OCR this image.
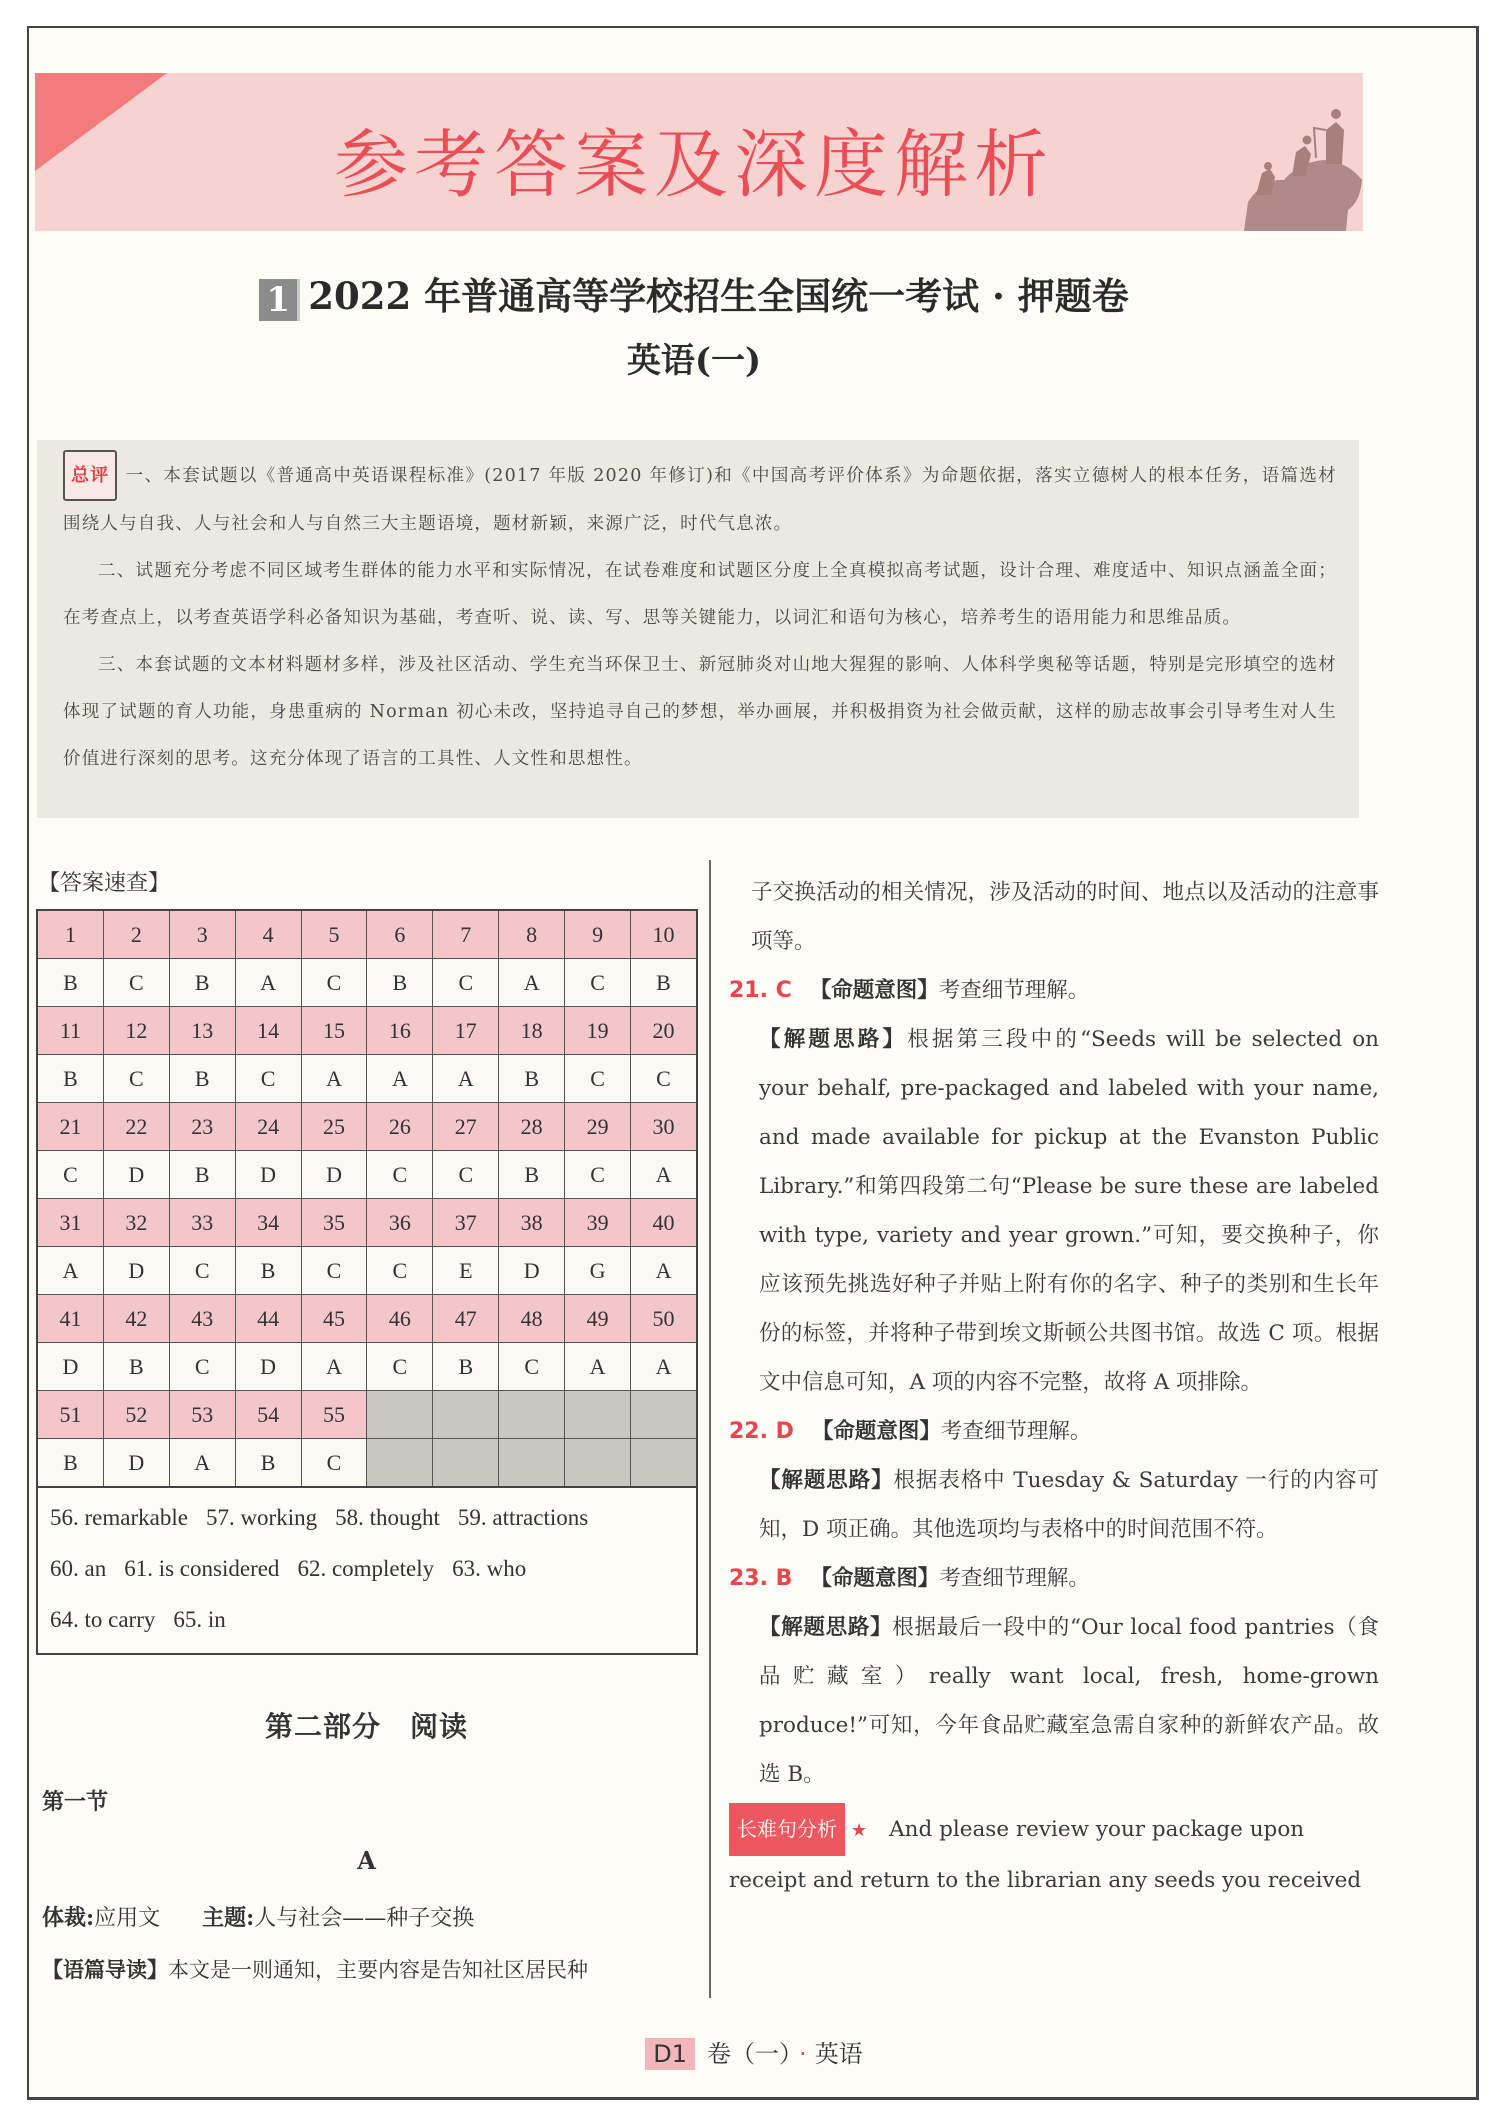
参考答案及深度解析
1 2022 年普通高等学校招生全国统一考试 · 押题卷
英语(一)

总评 一、本套试题以《普通高中英语课程标准》(2017 年版 2020 年修订)和《中国高考评价体系》为命题依据，落实立德树人的根本任务，语篇选材围绕人与自我、人与社会和人与自然三大主题语境，题材新颖，来源广泛，时代气息浓。

二、试题充分考虑不同区域考生群体的能力水平和实际情况，在试卷难度和试题区分度上全真模拟高考试题，设计合理、难度适中、知识点涵盖全面；在考查点上，以考查英语学科必备知识为基础，考查听、说、读、写、思等关键能力，以词汇和语句为核心，培养考生的语用能力和思维品质。

三、本套试题的文本材料题材多样，涉及社区活动、学生充当环保卫士、新冠肺炎对山地大猩猩的影响、人体科学奥秘等话题，特别是完形填空的选材体现了试题的育人功能，身患重病的 Norman 初心未改，坚持追寻自己的梦想，举办画展，并积极捐资为社会做贡献，这样的励志故事会引导考生对人生价值进行深刻的思考。这充分体现了语言的工具性、人文性和思想性。

【答案速查】
1	2	3	4	5	6	7	8	9	10
B	C	B	A	C	B	C	A	C	B
11	12	13	14	15	16	17	18	19	20
B	C	B	C	A	A	A	B	C	C
21	22	23	24	25	26	27	28	29	30
C	D	B	D	D	C	C	B	C	A
31	32	33	34	35	36	37	38	39	40
A	D	C	B	C	C	E	D	G	A
41	42	43	44	45	46	47	48	49	50
D	B	C	D	A	C	B	C	A	A
51	52	53	54	55					
B	D	A	B	C					
56. remarkable 57. working 58. thought 59. attractions
60. an 61. is considered 62. completely 63. who
64. to carry 65. in
第二部分　阅读
第一节
A
体裁:应用文 主题:人与社会——种子交换
【语篇导读】本文是一则通知，主要内容是告知社区居民种

子交换活动的相关情况，涉及活动的时间、地点以及活动的注意事项等。

21. C 【命题意图】考查细节理解。

【解题思路】根据第三段中的“Seeds will be selected on your behalf, pre-packaged and labeled with your name, and made available for pickup at the Evanston Public Library.”和第四段第二句“Please be sure these are labeled with type, variety and year grown.”可知，要交换种子，你应该预先挑选好种子并贴上附有你的名字、种子的类别和生长年份的标签，并将种子带到埃文斯顿公共图书馆。故选 C 项。根据文中信息可知，A 项的内容不完整，故将 A 项排除。

22. D 【命题意图】考查细节理解。

【解题思路】根据表格中 Tuesday & Saturday 一行的内容可知，D 项正确。其他选项均与表格中的时间范围不符。

23. B 【命题意图】考查细节理解。

【解题思路】根据最后一段中的“Our local food pantries（食品贮藏室）really want local, fresh, home-grown produce!”可知，今年食品贮藏室急需自家种的新鲜农产品。故选 B。

长难句分析 ★ And please review your package upon receipt and return to the librarian any seeds you received

D1 卷（一） · 英语
